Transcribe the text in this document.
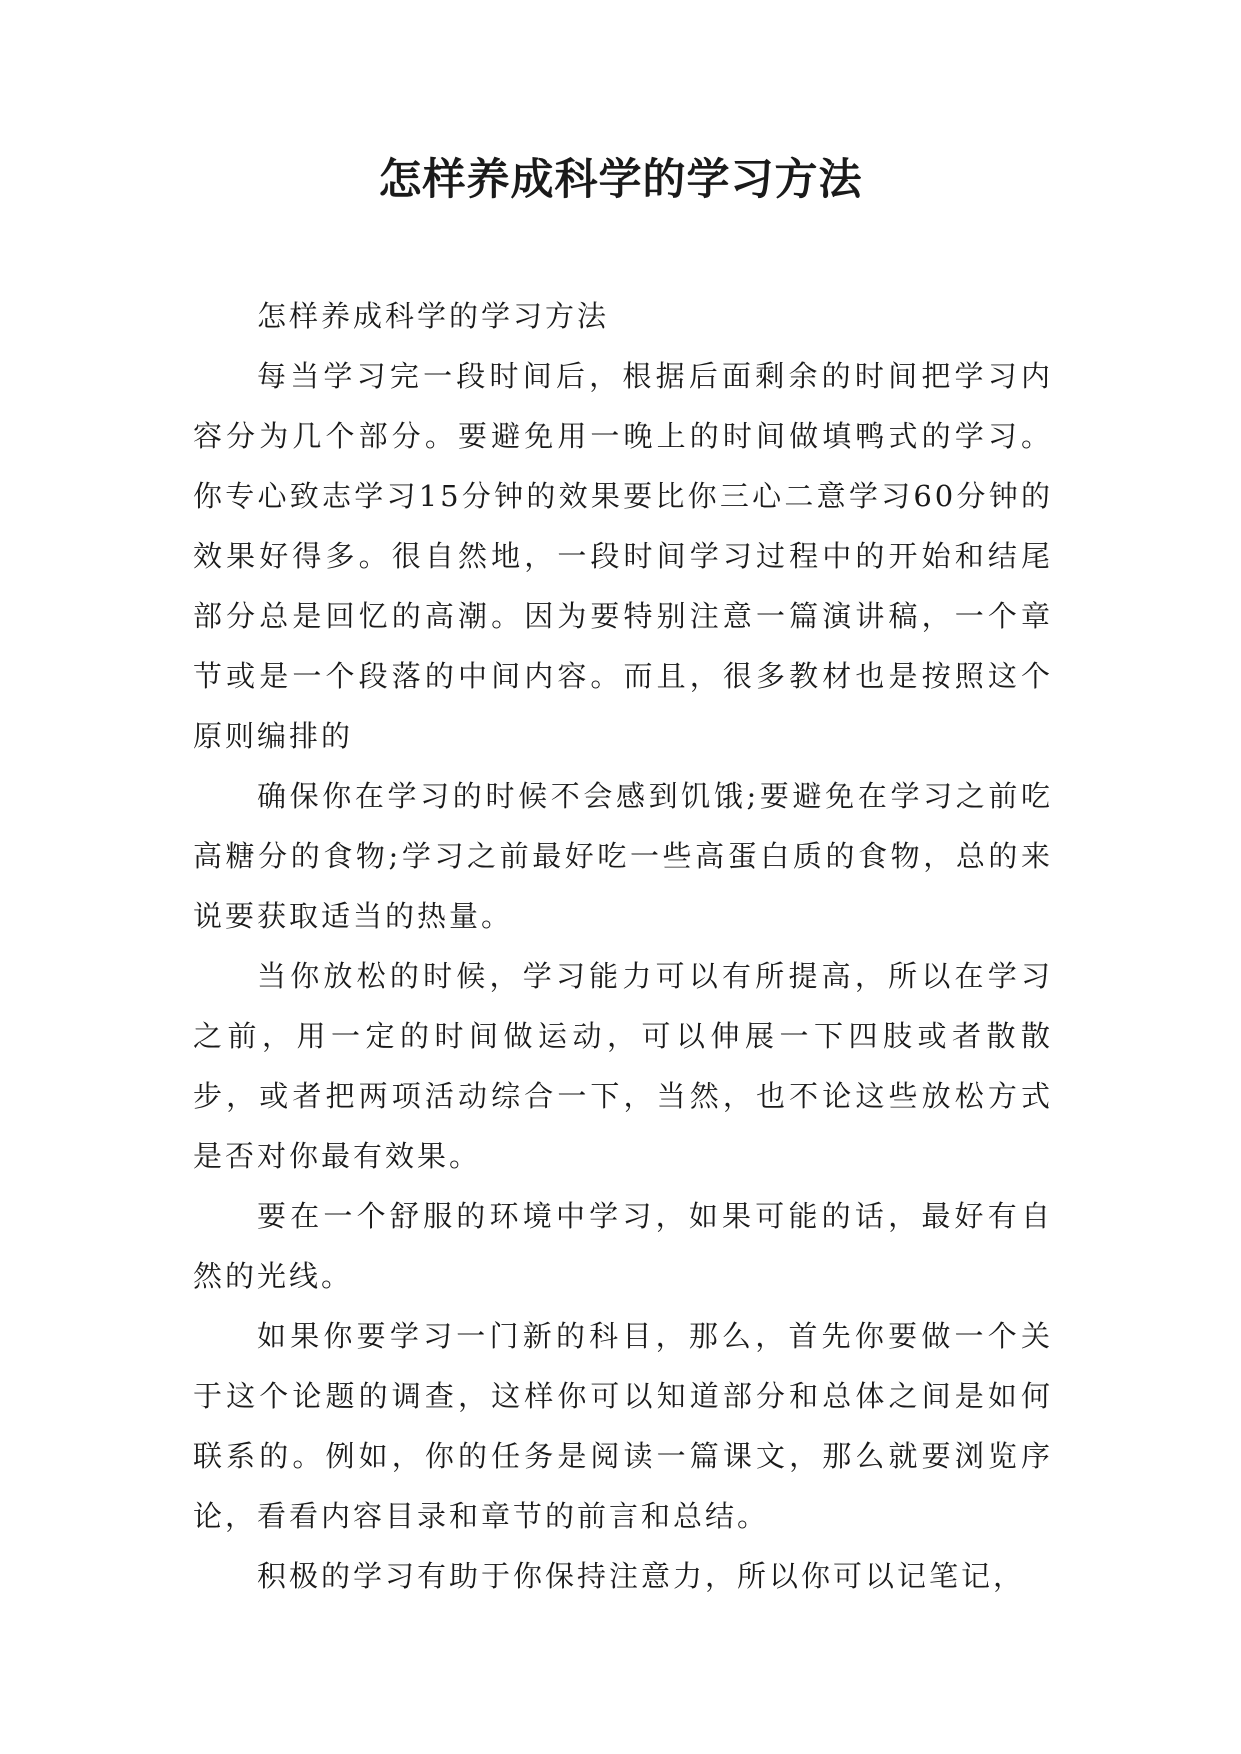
怎样养成科学的学习方法

怎样养成科学的学习方法

每当学习完一段时间后，根据后面剩余的时间把学习内容分为几个部分。要避免用一晚上的时间做填鸭式的学习。你专心致志学习15分钟的效果要比你三心二意学习60分钟的效果好得多。很自然地，一段时间学习过程中的开始和结尾部分总是回忆的高潮。因为要特别注意一篇演讲稿，一个章节或是一个段落的中间内容。而且，很多教材也是按照这个原则编排的

确保你在学习的时候不会感到饥饿;要避免在学习之前吃高糖分的食物;学习之前最好吃一些高蛋白质的食物，总的来说要获取适当的热量。

当你放松的时候，学习能力可以有所提高，所以在学习之前，用一定的时间做运动，可以伸展一下四肢或者散散步，或者把两项活动综合一下，当然，也不论这些放松方式是否对你最有效果。

要在一个舒服的环境中学习，如果可能的话，最好有自然的光线。

如果你要学习一门新的科目，那么，首先你要做一个关于这个论题的调查，这样你可以知道部分和总体之间是如何联系的。例如，你的任务是阅读一篇课文，那么就要浏览序论，看看内容目录和章节的前言和总结。

积极的学习有助于你保持注意力，所以你可以记笔记，
